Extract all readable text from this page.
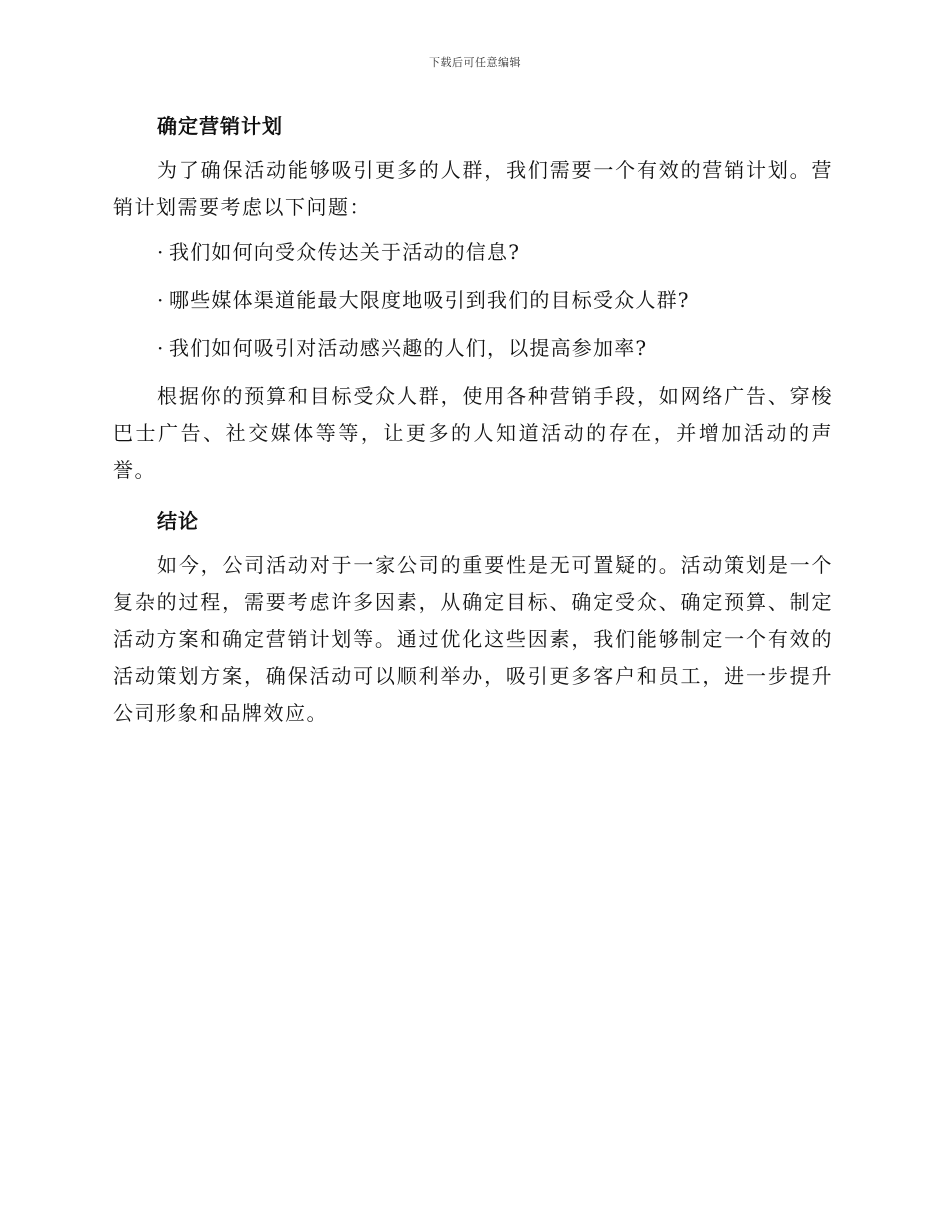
下载后可任意编辑
确定营销计划

为了确保活动能够吸引更多的人群，我们需要一个有效的营销计划。营销计划需要考虑以下问题：

· 我们如何向受众传达关于活动的信息?
· 哪些媒体渠道能最大限度地吸引到我们的目标受众人群?
· 我们如何吸引对活动感兴趣的人们，以提高参加率?

根据你的预算和目标受众人群，使用各种营销手段，如网络广告、穿梭巴士广告、社交媒体等等，让更多的人知道活动的存在，并增加活动的声誉。

结论

如今，公司活动对于一家公司的重要性是无可置疑的。活动策划是一个复杂的过程，需要考虑许多因素，从确定目标、确定受众、确定预算、制定活动方案和确定营销计划等。通过优化这些因素，我们能够制定一个有效的活动策划方案，确保活动可以顺利举办，吸引更多客户和员工，进一步提升公司形象和品牌效应。
